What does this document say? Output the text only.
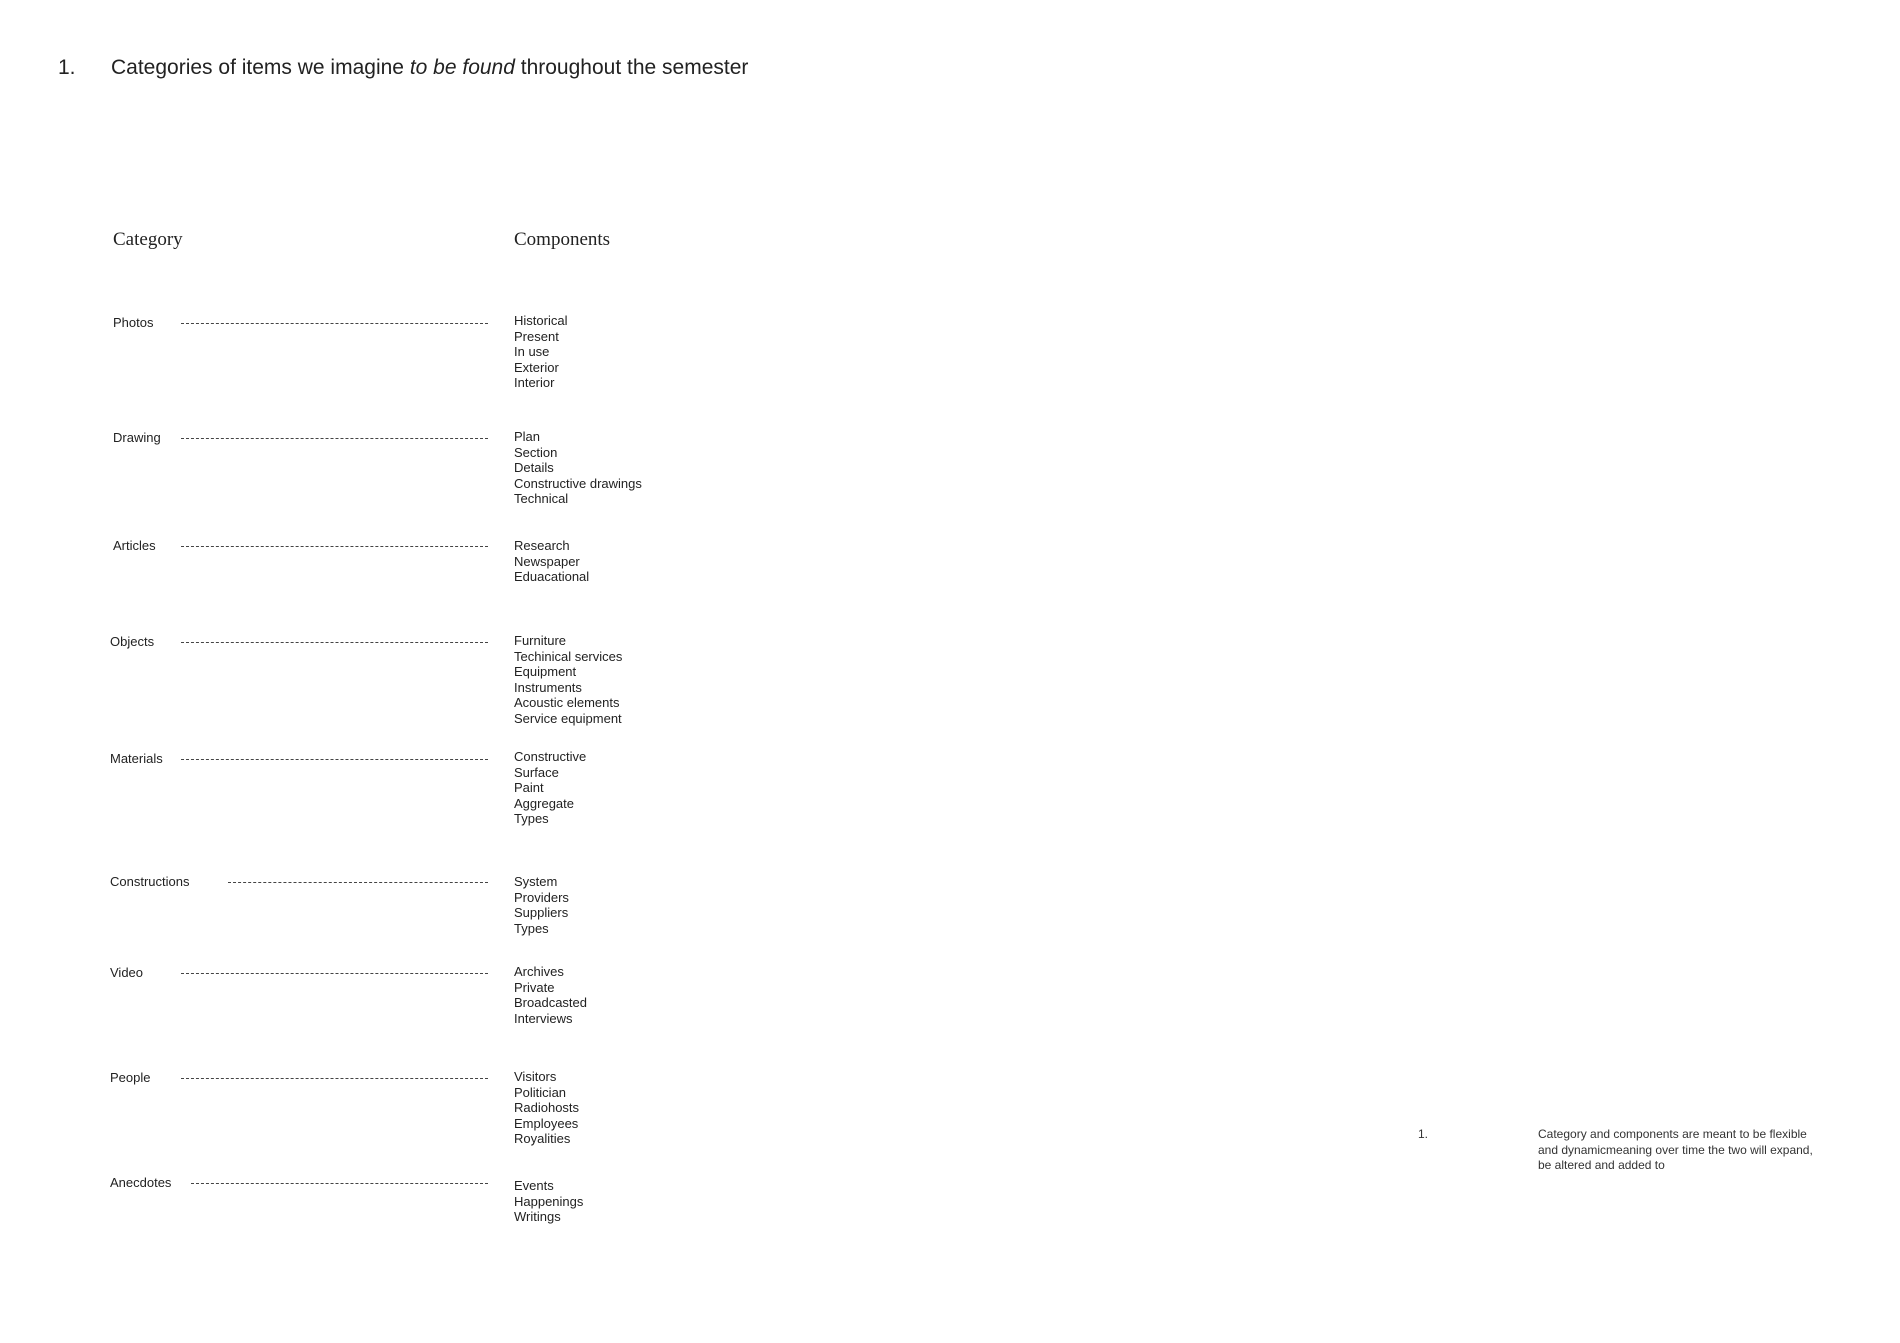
1. Categories of items we imagine to be found throughout the semester
Category	Components
Photos	Historical
Present
In use
Exterior
Interior
Drawing	Plan
Section
Details
Constructive drawings
Technical
Articles	Research
Newspaper
Eduacational
Objects	Furniture
Techinical services
Equipment
Instruments
Acoustic elements
Service equipment
Materials	Constructive
Surface
Paint
Aggregate
Types
Constructions	System
Providers
Suppliers
Types
Video	Archives
Private
Broadcasted
Interviews
People	Visitors
Politician
Radiohosts
Employees
Royalities
Anecdotes	Events
Happenings
Writings
1.	Category and components are meant to be flexible and dynamicmeaning over time the two will expand, be altered and added to
